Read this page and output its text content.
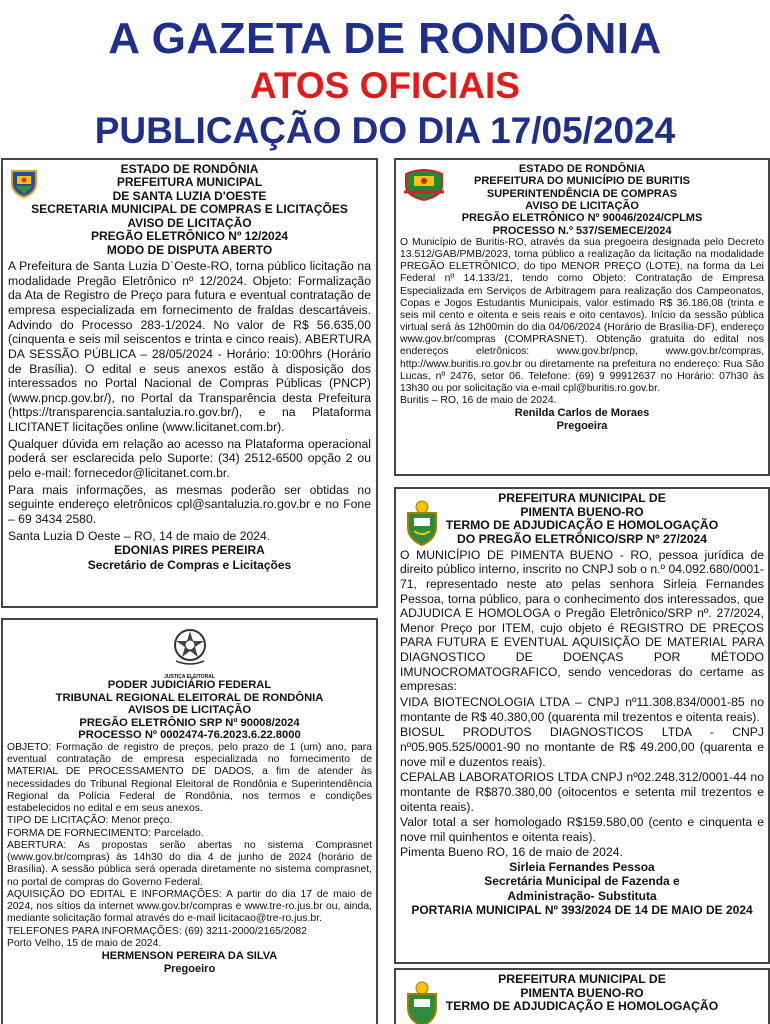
A GAZETA DE RONDÔNIA
ATOS OFICIAIS
PUBLICAÇÃO DO DIA 17/05/2024
ESTADO DE RONDÔNIA
PREFEITURA MUNICIPAL
DE SANTA LUZIA D'OESTE
SECRETARIA MUNICIPAL DE COMPRAS E LICITAÇÕES
AVISO DE LICITAÇÃO
PREGÃO ELETRÔNICO Nº 12/2024
MODO DE DISPUTA ABERTO
A Prefeitura de Santa Luzia D`Oeste-RO, torna público licitação na modalidade Pregão Eletrônico nº 12/2024. Objeto: Formalização da Ata de Registro de Preço para futura e eventual contratação de empresa especializada em fornecimento de fraldas descartáveis. Advindo do Processo 283-1/2024. No valor de R$ 56.635,00 (cinquenta e seis mil seiscentos e trinta e cinco reais). ABERTURA DA SESSÃO PÚBLICA – 28/05/2024 - Horário: 10:00hrs (Horário de Brasília). O edital e seus anexos estão à disposição dos interessados no Portal Nacional de Compras Públicas (PNCP) (www.pncp.gov.br/), no Portal da Transparência desta Prefeitura (https://transparencia.santaluzia.ro.gov.br/), e na Plataforma LICITANET licitações online (www.licitanet.com.br).
Qualquer dúvida em relação ao acesso na Plataforma operacional poderá ser esclarecida pelo Suporte: (34) 2512-6500 opção 2 ou pelo e-mail: fornecedor@licitanet.com.br.
Para mais informações, as mesmas poderão ser obtidas no seguinte endereço eletrônicos cpl@santaluzia.ro.gov.br e no Fone – 69 3434 2580.
Santa Luzia D Oeste – RO, 14 de maio de 2024.
EDONIAS PIRES PEREIRA
Secretário de Compras e Licitações
JUSTIÇA ELEITORAL
PODER JUDICIÁRIO FEDERAL
TRIBUNAL REGIONAL ELEITORAL DE RONDÔNIA
AVISOS DE LICITAÇÃO
PREGÃO ELETRÔNIO SRP Nº 90008/2024
PROCESSO Nº 0002474-76.2023.6.22.8000
OBJETO: Formação de registro de preços, pelo prazo de 1 (um) ano, para eventual contratação de empresa especializada no fornecimento de MATERIAL DE PROCESSAMENTO DE DADOS, a fim de atender às necessidades do Tribunal Regional Eleitoral de Rondônia e Superintendência Regional da Polícia Federal de Rondônia, nos termos e condições estabelecidos no edital e em seus anexos.
TIPO DE LICITAÇÃO: Menor preço.
FORMA DE FORNECIMENTO: Parcelado.
ABERTURA: As propostas serão abertas no sistema Comprasnet (www.gov.br/compras) às 14h30 do dia 4 de junho de 2024 (horário de Brasília). A sessão pública será operada diretamente no sistema comprasnet, no portal de compras do Governo Federal.
AQUISIÇÃO DO EDITAL E INFORMAÇÕES: A partir do dia 17 de maio de 2024, nos sítios da internet www.gov.br/compras e www.tre-ro.jus.br ou, ainda, mediante solicitação formal através do e-mail licitacao@tre-ro.jus.br.
TELEFONES PARA INFORMAÇÕES: (69) 3211-2000/2165/2082
Porto Velho, 15 de maio de 2024.
HERMENSON PEREIRA DA SILVA
Pregoeiro
ESTADO DE RONDÔNIA
PREFEITURA DO MUNICÍPIO DE BURITIS
SUPERINTENDÊNCIA DE COMPRAS
AVISO DE LICITAÇÃO
PREGÃO ELETRÔNICO Nº 90046/2024/CPLMS
PROCESSO N.º 537/SEMECE/2024
O Município de Buritis-RO, através da sua pregoeira designada pelo Decreto 13.512/GAB/PMB/2023, torna público a realização da licitação na modalidade PREGÃO ELETRÔNICO, do tipo MENOR PREÇO (LOTE), na forma da Lei Federal nº 14.133/21, tendo como Objeto: Contratação de Empresa Especializada em Serviços de Arbitragem para realização dos Campeonatos, Copas e Jogos Estudantis Municipais, valor estimado R$ 36.186,08 (trinta e seis mil cento e oitenta e seis reais e oito centavos). Início da sessão pública virtual será às 12h00min do dia 04/06/2024 (Horário de Brasília-DF), endereço www.gov.br/compras (COMPRASNET). Obtenção gratuita do edital nos endereços eletrônicos: www.gov.br/pncp, www.gov.br/compras, http://www.buritis.ro.gov.br ou diretamente na prefeitura no endereço: Rua São Lucas, nº 2476, setor 06. Telefone: (69) 9 99912637 no Horário: 07h30 às 13h30 ou por solicitação via e-mail cpl@buritis.ro.gov.br.
Buritis – RO, 16 de maio de 2024.
Renilda Carlos de Moraes
Pregoeira
PREFEITURA MUNICIPAL DE
PIMENTA BUENO-RO
TERMO DE ADJUDICAÇÃO E HOMOLOGAÇÃO
DO PREGÃO ELETRÔNICO/SRP Nº 27/2024
O MUNICÍPIO DE PIMENTA BUENO - RO, pessoa jurídica de direito público interno, inscrito no CNPJ sob o n.º 04.092.680/0001-71, representado neste ato pelas senhora Sirleia Fernandes Pessoa, torna público, para o conhecimento dos interessados, que ADJUDICA E HOMOLOGA o Pregão Eletrônico/SRP nº. 27/2024, Menor Preço por ITEM, cujo objeto é REGISTRO DE PREÇOS PARA FUTURA E EVENTUAL AQUISIÇÃO DE MATERIAL PARA DIAGNOSTICO DE DOENÇAS POR MÉTODO IMUNOCROMATOGRAFICO, sendo vencedoras do certame as empresas:
VIDA BIOTECNOLOGIA LTDA – CNPJ nº11.308.834/0001-85 no montante de R$ 40.380,00 (quarenta mil trezentos e oitenta reais).
BIOSUL PRODUTOS DIAGNOSTICOS LTDA - CNPJ nº05.905.525/0001-90 no montante de R$ 49.200,00 (quarenta e nove mil e duzentos reais).
CEPALAB LABORATORIOS LTDA CNPJ nº02.248.312/0001-44 no montante de R$870.380,00 (oitocentos e setenta mil trezentos e oitenta reais).
Valor total a ser homologado R$159.580,00 (cento e cinquenta e nove mil quinhentos e oitenta reais).
Pimenta Bueno RO, 16 de maio de 2024.
Sirleia Fernandes Pessoa
Secretária Municipal de Fazenda e
Administração- Substituta
PORTARIA MUNICIPAL Nº 393/2024 DE 14 DE MAIO DE 2024
PREFEITURA MUNICIPAL DE
PIMENTA BUENO-RO
TERMO DE ADJUDICAÇÃO E HOMOLOGAÇÃO
